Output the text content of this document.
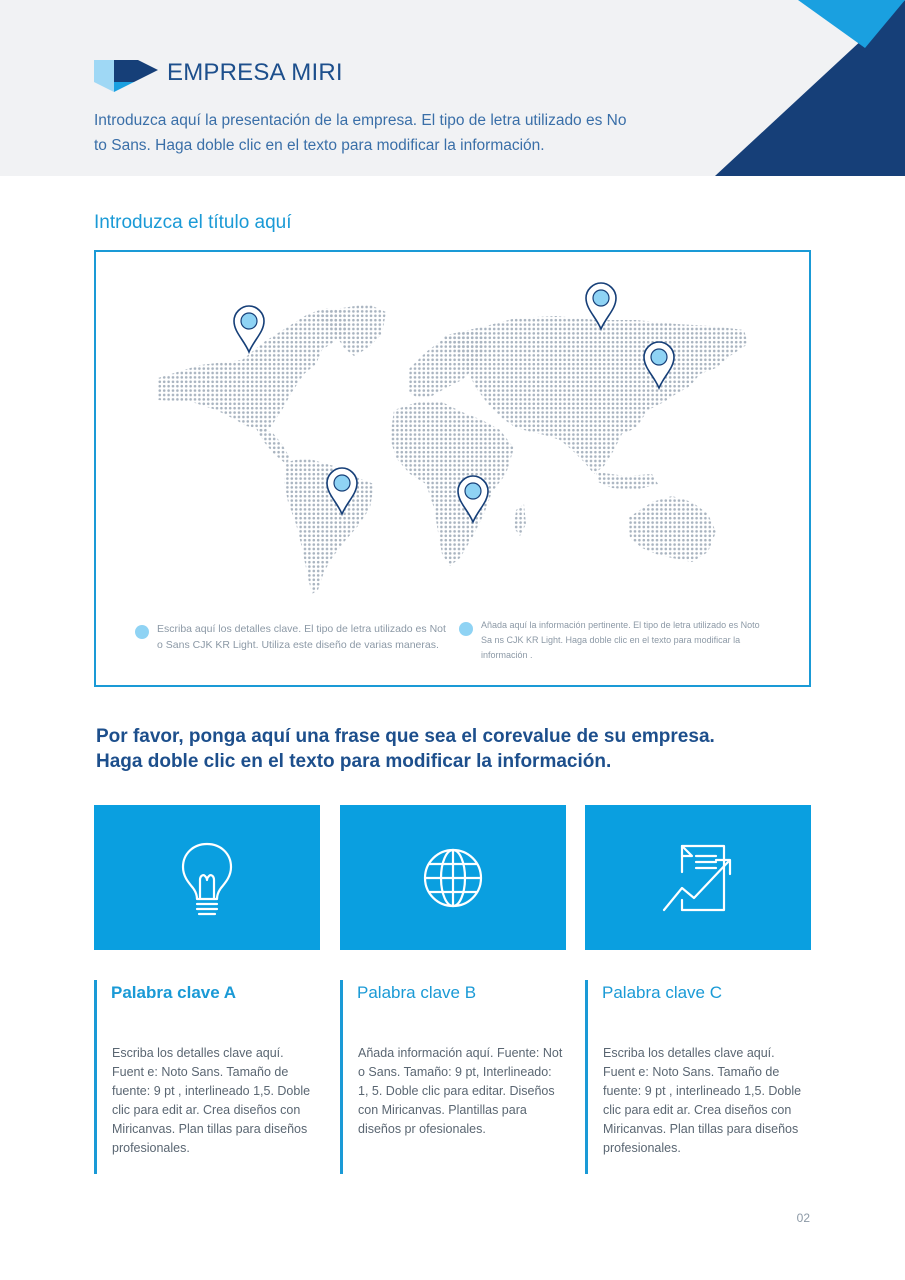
EMPRESA MIRI
Introduzca aquí la presentación de la empresa. El tipo de letra utilizado es No to Sans. Haga doble clic en el texto para modificar la información.
Introduzca el título aquí
Escriba aquí los detalles clave. El tipo de letra utilizado es Not o Sans CJK KR Light. Utiliza este diseño de varias maneras.
Añada aquí la información pertinente. El tipo de letra utilizado es Noto Sa ns CJK KR Light. Haga doble clic en el texto para modificar la información .
Por favor, ponga aquí una frase que sea el corevalue de su empresa.
Haga doble clic en el texto para modificar la información.
Palabra clave A
Escriba los detalles clave aquí. Fuent e: Noto Sans. Tamaño de fuente: 9 pt , interlineado 1,5. Doble clic para edit ar. Crea diseños con Miricanvas. Plan tillas para diseños profesionales.
Palabra clave B
Añada información aquí. Fuente: Not o Sans. Tamaño: 9 pt, Interlineado: 1, 5. Doble clic para editar. Diseños con Miricanvas. Plantillas para diseños pr ofesionales.
Palabra clave C
Escriba los detalles clave aquí. Fuent e: Noto Sans. Tamaño de fuente: 9 pt , interlineado 1,5. Doble clic para edit ar. Crea diseños con Miricanvas. Plan tillas para diseños profesionales.
02
